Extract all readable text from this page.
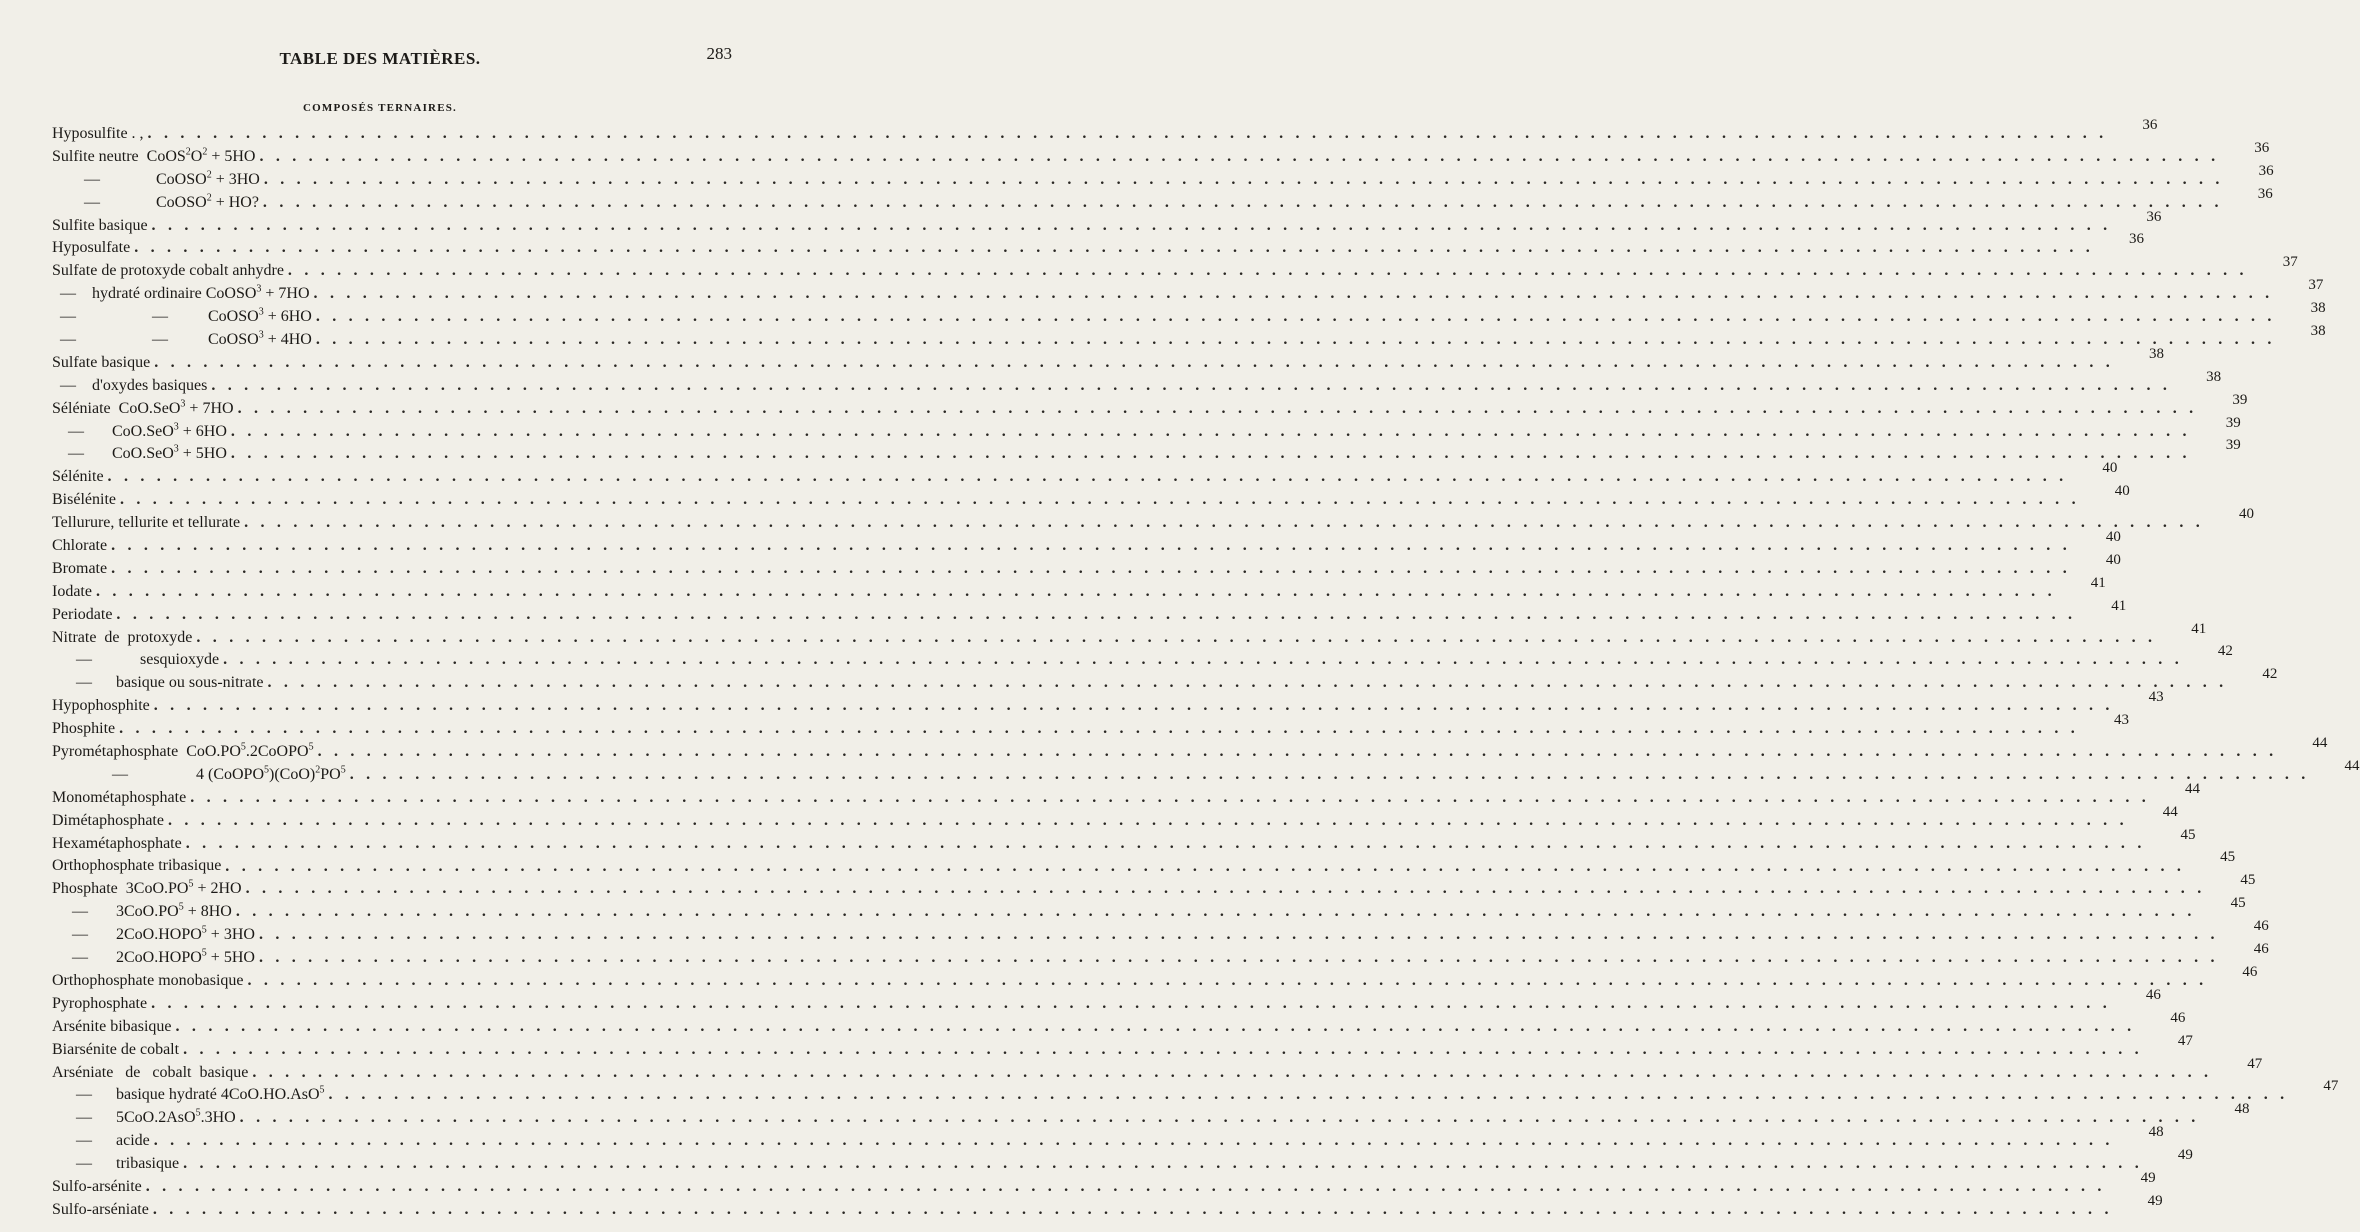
TABLE DES MATIÈRES.	283
COMPOSÉS TERNAIRES.
Hyposulfite . , . . . . . . . . . . . . . . . . . . . . . . . . . . . . . . . . . . . . . . . . . . . . . . . . . . . . . . . . . . . . . . . . . . . . . . . . . . . . . . . . . . . . . . . . . . . . . . . . . . . . . . . . . . . . . . . . . . . . . . . .
36
Sulfite neutre  $CoOS^2O^2 + 5HO$ . . . . . . . . . . . . . . . . . . . . . . . . . . . . . . . . . . . . . . . . . . . . . . . . . . . . . . . . . . . . . . . . . . . . . . . . . . . . . . . . . . . . . . . . . . . . . . . . . . . . . . . . . . . . . . . . . . . . . . . .
36
—              CoOSO$^2$ + 3HO . . . . . . . . . . . . . . . . . . . . . . . . . . . . . . . . . . . . . . . . . . . . . . . . . . . . . . . . . . . . . . . . . . . . . . . . . . . . . . . . . . . . . . . . . . . . . . . . . . . . . . . . . . . . . . . . . . . . . . . .
36
—              CoOSO$^2$ + HO? . . . . . . . . . . . . . . . . . . . . . . . . . . . . . . . . . . . . . . . . . . . . . . . . . . . . . . . . . . . . . . . . . . . . . . . . . . . . . . . . . . . . . . . . . . . . . . . . . . . . . . . . . . . . . . . . . . . . . . . .
36
Sulfite basique . . . . . . . . . . . . . . . . . . . . . . . . . . . . . . . . . . . . . . . . . . . . . . . . . . . . . . . . . . . . . . . . . . . . . . . . . . . . . . . . . . . . . . . . . . . . . . . . . . . . . . . . . . . . . . . . . . . . . . . .
36
Hyposulfate . . . . . . . . . . . . . . . . . . . . . . . . . . . . . . . . . . . . . . . . . . . . . . . . . . . . . . . . . . . . . . . . . . . . . . . . . . . . . . . . . . . . . . . . . . . . . . . . . . . . . . . . . . . . . . . . . . . . . . . .
36
Sulfate de protoxyde cobalt anhydre . . . . . . . . . . . . . . . . . . . . . . . . . . . . . . . . . . . . . . . . . . . . . . . . . . . . . . . . . . . . . . . . . . . . . . . . . . . . . . . . . . . . . . . . . . . . . . . . . . . . . . . . . . . . . . . . . . . . . . . .
37
—    hydraté ordinaire CoOSO$^3$ + 7HO . . . . . . . . . . . . . . . . . . . . . . . . . . . . . . . . . . . . . . . . . . . . . . . . . . . . . . . . . . . . . . . . . . . . . . . . . . . . . . . . . . . . . . . . . . . . . . . . . . . . . . . . . . . . . . . . . . . . . . . .
37
—                   —          CoOSO$^3$ + 6HO . . . . . . . . . . . . . . . . . . . . . . . . . . . . . . . . . . . . . . . . . . . . . . . . . . . . . . . . . . . . . . . . . . . . . . . . . . . . . . . . . . . . . . . . . . . . . . . . . . . . . . . . . . . . . . . . . . . . . . . .
38
—                   —          CoOSO$^3$ + 4HO . . . . . . . . . . . . . . . . . . . . . . . . . . . . . . . . . . . . . . . . . . . . . . . . . . . . . . . . . . . . . . . . . . . . . . . . . . . . . . . . . . . . . . . . . . . . . . . . . . . . . . . . . . . . . . . . . . . . . . . .
38
Sulfate basique . . . . . . . . . . . . . . . . . . . . . . . . . . . . . . . . . . . . . . . . . . . . . . . . . . . . . . . . . . . . . . . . . . . . . . . . . . . . . . . . . . . . . . . . . . . . . . . . . . . . . . . . . . . . . . . . . . . . . . . .
38
—    d'oxydes basiques . . . . . . . . . . . . . . . . . . . . . . . . . . . . . . . . . . . . . . . . . . . . . . . . . . . . . . . . . . . . . . . . . . . . . . . . . . . . . . . . . . . . . . . . . . . . . . . . . . . . . . . . . . . . . . . . . . . . . . . .
38
Séléniate  CoO.SeO$^3$ + 7HO . . . . . . . . . . . . . . . . . . . . . . . . . . . . . . . . . . . . . . . . . . . . . . . . . . . . . . . . . . . . . . . . . . . . . . . . . . . . . . . . . . . . . . . . . . . . . . . . . . . . . . . . . . . . . . . . . . . . . . . .
39
—       CoO.SeO$^3$ + 6HO . . . . . . . . . . . . . . . . . . . . . . . . . . . . . . . . . . . . . . . . . . . . . . . . . . . . . . . . . . . . . . . . . . . . . . . . . . . . . . . . . . . . . . . . . . . . . . . . . . . . . . . . . . . . . . . . . . . . . . . .
39
—       CoO.SeO$^3$ + 5HO . . . . . . . . . . . . . . . . . . . . . . . . . . . . . . . . . . . . . . . . . . . . . . . . . . . . . . . . . . . . . . . . . . . . . . . . . . . . . . . . . . . . . . . . . . . . . . . . . . . . . . . . . . . . . . . . . . . . . . . .
39
Sélénite . . . . . . . . . . . . . . . . . . . . . . . . . . . . . . . . . . . . . . . . . . . . . . . . . . . . . . . . . . . . . . . . . . . . . . . . . . . . . . . . . . . . . . . . . . . . . . . . . . . . . . . . . . . . . . . . . . . . . . . .
40
Bisélénite . . . . . . . . . . . . . . . . . . . . . . . . . . . . . . . . . . . . . . . . . . . . . . . . . . . . . . . . . . . . . . . . . . . . . . . . . . . . . . . . . . . . . . . . . . . . . . . . . . . . . . . . . . . . . . . . . . . . . . . .
40
Tellurure, tellurite et tellurate . . . . . . . . . . . . . . . . . . . . . . . . . . . . . . . . . . . . . . . . . . . . . . . . . . . . . . . . . . . . . . . . . . . . . . . . . . . . . . . . . . . . . . . . . . . . . . . . . . . . . . . . . . . . . . . . . . . . . . . .
40
Chlorate . . . . . . . . . . . . . . . . . . . . . . . . . . . . . . . . . . . . . . . . . . . . . . . . . . . . . . . . . . . . . . . . . . . . . . . . . . . . . . . . . . . . . . . . . . . . . . . . . . . . . . . . . . . . . . . . . . . . . . . .
40
Bromate . . . . . . . . . . . . . . . . . . . . . . . . . . . . . . . . . . . . . . . . . . . . . . . . . . . . . . . . . . . . . . . . . . . . . . . . . . . . . . . . . . . . . . . . . . . . . . . . . . . . . . . . . . . . . . . . . . . . . . . .
40
Iodate . . . . . . . . . . . . . . . . . . . . . . . . . . . . . . . . . . . . . . . . . . . . . . . . . . . . . . . . . . . . . . . . . . . . . . . . . . . . . . . . . . . . . . . . . . . . . . . . . . . . . . . . . . . . . . . . . . . . . . . .
41
Periodate . . . . . . . . . . . . . . . . . . . . . . . . . . . . . . . . . . . . . . . . . . . . . . . . . . . . . . . . . . . . . . . . . . . . . . . . . . . . . . . . . . . . . . . . . . . . . . . . . . . . . . . . . . . . . . . . . . . . . . . .
41
Nitrate  de  protoxyde . . . . . . . . . . . . . . . . . . . . . . . . . . . . . . . . . . . . . . . . . . . . . . . . . . . . . . . . . . . . . . . . . . . . . . . . . . . . . . . . . . . . . . . . . . . . . . . . . . . . . . . . . . . . . . . . . . . . . . . .
41
—            sesquioxyde . . . . . . . . . . . . . . . . . . . . . . . . . . . . . . . . . . . . . . . . . . . . . . . . . . . . . . . . . . . . . . . . . . . . . . . . . . . . . . . . . . . . . . . . . . . . . . . . . . . . . . . . . . . . . . . . . . . . . . . .
42
—      basique ou sous-nitrate . . . . . . . . . . . . . . . . . . . . . . . . . . . . . . . . . . . . . . . . . . . . . . . . . . . . . . . . . . . . . . . . . . . . . . . . . . . . . . . . . . . . . . . . . . . . . . . . . . . . . . . . . . . . . . . . . . . . . . . .
42
Hypophosphite . . . . . . . . . . . . . . . . . . . . . . . . . . . . . . . . . . . . . . . . . . . . . . . . . . . . . . . . . . . . . . . . . . . . . . . . . . . . . . . . . . . . . . . . . . . . . . . . . . . . . . . . . . . . . . . . . . . . . . . .
43
Phosphite . . . . . . . . . . . . . . . . . . . . . . . . . . . . . . . . . . . . . . . . . . . . . . . . . . . . . . . . . . . . . . . . . . . . . . . . . . . . . . . . . . . . . . . . . . . . . . . . . . . . . . . . . . . . . . . . . . . . . . . .
43
Pyrométaphosphate  $CoO.PO^5.2CoOPO^5$ . . . . . . . . . . . . . . . . . . . . . . . . . . . . . . . . . . . . . . . . . . . . . . . . . . . . . . . . . . . . . . . . . . . . . . . . . . . . . . . . . . . . . . . . . . . . . . . . . . . . . . . . . . . . . . . . . . . . . . . .
44
—                 4 $(CoOPO^5)(CoO)^2PO^5$ . . . . . . . . . . . . . . . . . . . . . . . . . . . . . . . . . . . . . . . . . . . . . . . . . . . . . . . . . . . . . . . . . . . . . . . . . . . . . . . . . . . . . . . . . . . . . . . . . . . . . . . . . . . . . . . . . . . . . . . .
44
Monométaphosphate . . . . . . . . . . . . . . . . . . . . . . . . . . . . . . . . . . . . . . . . . . . . . . . . . . . . . . . . . . . . . . . . . . . . . . . . . . . . . . . . . . . . . . . . . . . . . . . . . . . . . . . . . . . . . . . . . . . . . . . .
44
Dimétaphosphate . . . . . . . . . . . . . . . . . . . . . . . . . . . . . . . . . . . . . . . . . . . . . . . . . . . . . . . . . . . . . . . . . . . . . . . . . . . . . . . . . . . . . . . . . . . . . . . . . . . . . . . . . . . . . . . . . . . . . . . .
44
Hexamétaphosphate . . . . . . . . . . . . . . . . . . . . . . . . . . . . . . . . . . . . . . . . . . . . . . . . . . . . . . . . . . . . . . . . . . . . . . . . . . . . . . . . . . . . . . . . . . . . . . . . . . . . . . . . . . . . . . . . . . . . . . . .
45
Orthophosphate tribasique . . . . . . . . . . . . . . . . . . . . . . . . . . . . . . . . . . . . . . . . . . . . . . . . . . . . . . . . . . . . . . . . . . . . . . . . . . . . . . . . . . . . . . . . . . . . . . . . . . . . . . . . . . . . . . . . . . . . . . . .
45
Phosphate  $3CoO.PO^5 + 2HO$ . . . . . . . . . . . . . . . . . . . . . . . . . . . . . . . . . . . . . . . . . . . . . . . . . . . . . . . . . . . . . . . . . . . . . . . . . . . . . . . . . . . . . . . . . . . . . . . . . . . . . . . . . . . . . . . . . . . . . . . .
45
—       $3CoO.PO^5 + 8HO$ . . . . . . . . . . . . . . . . . . . . . . . . . . . . . . . . . . . . . . . . . . . . . . . . . . . . . . . . . . . . . . . . . . . . . . . . . . . . . . . . . . . . . . . . . . . . . . . . . . . . . . . . . . . . . . . . . . . . . . . .
45
—       $2CoO.HOPO^5 + 3HO$ . . . . . . . . . . . . . . . . . . . . . . . . . . . . . . . . . . . . . . . . . . . . . . . . . . . . . . . . . . . . . . . . . . . . . . . . . . . . . . . . . . . . . . . . . . . . . . . . . . . . . . . . . . . . . . . . . . . . . . . .
46
—       $2CoO.HOPO^5 + 5HO$ . . . . . . . . . . . . . . . . . . . . . . . . . . . . . . . . . . . . . . . . . . . . . . . . . . . . . . . . . . . . . . . . . . . . . . . . . . . . . . . . . . . . . . . . . . . . . . . . . . . . . . . . . . . . . . . . . . . . . . . .
46
Orthophosphate monobasique . . . . . . . . . . . . . . . . . . . . . . . . . . . . . . . . . . . . . . . . . . . . . . . . . . . . . . . . . . . . . . . . . . . . . . . . . . . . . . . . . . . . . . . . . . . . . . . . . . . . . . . . . . . . . . . . . . . . . . . .
46
Pyrophosphate . . . . . . . . . . . . . . . . . . . . . . . . . . . . . . . . . . . . . . . . . . . . . . . . . . . . . . . . . . . . . . . . . . . . . . . . . . . . . . . . . . . . . . . . . . . . . . . . . . . . . . . . . . . . . . . . . . . . . . . .
46
Arsénite bibasique . . . . . . . . . . . . . . . . . . . . . . . . . . . . . . . . . . . . . . . . . . . . . . . . . . . . . . . . . . . . . . . . . . . . . . . . . . . . . . . . . . . . . . . . . . . . . . . . . . . . . . . . . . . . . . . . . . . . . . . .
46
Biarsénite de cobalt . . . . . . . . . . . . . . . . . . . . . . . . . . . . . . . . . . . . . . . . . . . . . . . . . . . . . . . . . . . . . . . . . . . . . . . . . . . . . . . . . . . . . . . . . . . . . . . . . . . . . . . . . . . . . . . . . . . . . . . .
47
Arséniate   de   cobalt  basique . . . . . . . . . . . . . . . . . . . . . . . . . . . . . . . . . . . . . . . . . . . . . . . . . . . . . . . . . . . . . . . . . . . . . . . . . . . . . . . . . . . . . . . . . . . . . . . . . . . . . . . . . . . . . . . . . . . . . . . .
47
—      basique hydraté 4CoO.HO.AsO$^5$ . . . . . . . . . . . . . . . . . . . . . . . . . . . . . . . . . . . . . . . . . . . . . . . . . . . . . . . . . . . . . . . . . . . . . . . . . . . . . . . . . . . . . . . . . . . . . . . . . . . . . . . . . . . . . . . . . . . . . . . .
47
—      5CoO.2AsO$^5$.3HO . . . . . . . . . . . . . . . . . . . . . . . . . . . . . . . . . . . . . . . . . . . . . . . . . . . . . . . . . . . . . . . . . . . . . . . . . . . . . . . . . . . . . . . . . . . . . . . . . . . . . . . . . . . . . . . . . . . . . . . .
48
—      acide . . . . . . . . . . . . . . . . . . . . . . . . . . . . . . . . . . . . . . . . . . . . . . . . . . . . . . . . . . . . . . . . . . . . . . . . . . . . . . . . . . . . . . . . . . . . . . . . . . . . . . . . . . . . . . . . . . . . . . . .
48
—      tribasique . . . . . . . . . . . . . . . . . . . . . . . . . . . . . . . . . . . . . . . . . . . . . . . . . . . . . . . . . . . . . . . . . . . . . . . . . . . . . . . . . . . . . . . . . . . . . . . . . . . . . . . . . . . . . . . . . . . . . . . .
49
Sulfo-arsénite . . . . . . . . . . . . . . . . . . . . . . . . . . . . . . . . . . . . . . . . . . . . . . . . . . . . . . . . . . . . . . . . . . . . . . . . . . . . . . . . . . . . . . . . . . . . . . . . . . . . . . . . . . . . . . . . . . . . . . . .
49
Sulfo-arséniate . . . . . . . . . . . . . . . . . . . . . . . . . . . . . . . . . . . . . . . . . . . . . . . . . . . . . . . . . . . . . . . . . . . . . . . . . . . . . . . . . . . . . . . . . . . . . . . . . . . . . . . . . . . . . . . . . . . . . . . .
49
